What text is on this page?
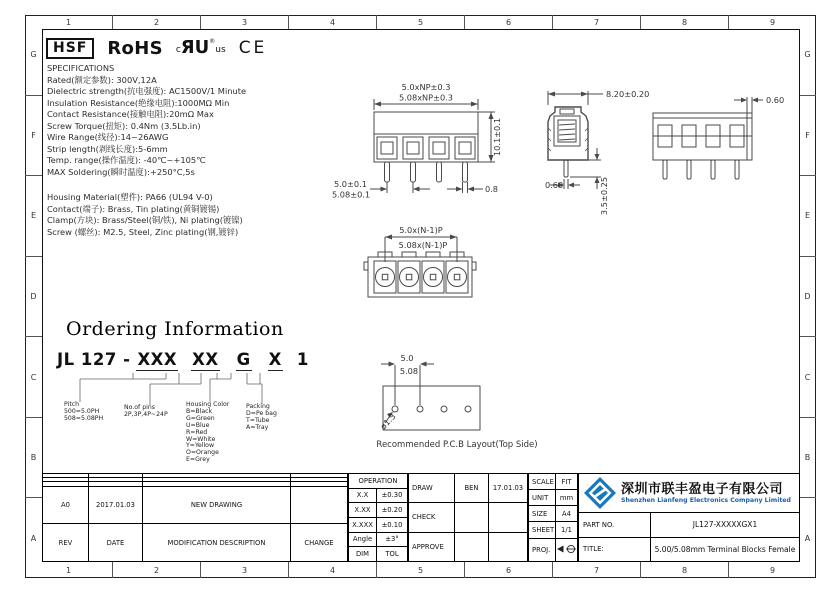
1	2	3	4	5	6	7	8	9
1	2	3	4	5	6	7	8	9
G
F
E
D
C
B
A
G
F
E
D
C
B
A
HSF	RoHS c ЯU ®
us CE
SPECIFICATIONS
Rated(额定参数): 300V,12A
Dielectric strength(抗电强度): AC1500V/1 Minute
Insulation Resistance(绝缘电阻):1000MΩ Min
Contact Resistance(接触电阻):20mΩ Max
Screw Torque(扭矩): 0.4Nm (3.5Lb.in)
Wire Range(线径):14~26AWG
Strip length(剥线长度):5-6mm
Temp. range(操作温度): -40℃~+105℃
MAX Soldering(瞬时温度):+250°C,5s
Housing Material(塑件): PA66 (UL94 V-0)
Contact(端子): Brass, Tin plating(黄铜镀锡)
Clamp(方块): Brass/Steel(铜/铁), Ni plating(镀镍)
Screw (螺丝): M2.5, Steel, Zinc plating(钢,镀锌)
5.0xNP±0.3
5.08xNP±0.3
10.1±0.1
5.0±0.1
5.08±0.1
0.8
8.20±0.20
0.60	3.5±0.25
0.60
5.0x(N-1)P
5.08x(N-1)P
Ordering Information
JL 127 - XXX XX G X 1
Pitch
500=5.0PH
508=5.08PH
No.of pins
2P,3P,4P~24P
Housing Color
B=Black
G=Green
U=Blue
R=Red
W=White
Y=Yellow
O=Orange
E=Grey
Packing
D=Pe bag
T=Tube
A=Tray
5.0
5.08
ø1.3
Recommended P.C.B Layout(Top Side)

A0	2017.01.03	NEW DRAWING	
REV	DATE	MODIFICATION DESCRIPTION	CHANGE
OPERATION	
X.X	±0.30
X.XX	±0.20
X.XXX	±0.10
Angle	±3°
DIM	TOL
DRAW	BEN	17.01.03
CHECK		
APPROVE		
SCALE	FIT
UNIT	mm
SIZE	A4
SHEET	1/1
PROJ.	
深圳市联丰盈电子有限公司
Shenzhen Lianfeng Electronics Company Limited
PART NO.	JL127-XXXXXGX1
TITLE:	5.00/5.08mm Terminal Blocks Female
